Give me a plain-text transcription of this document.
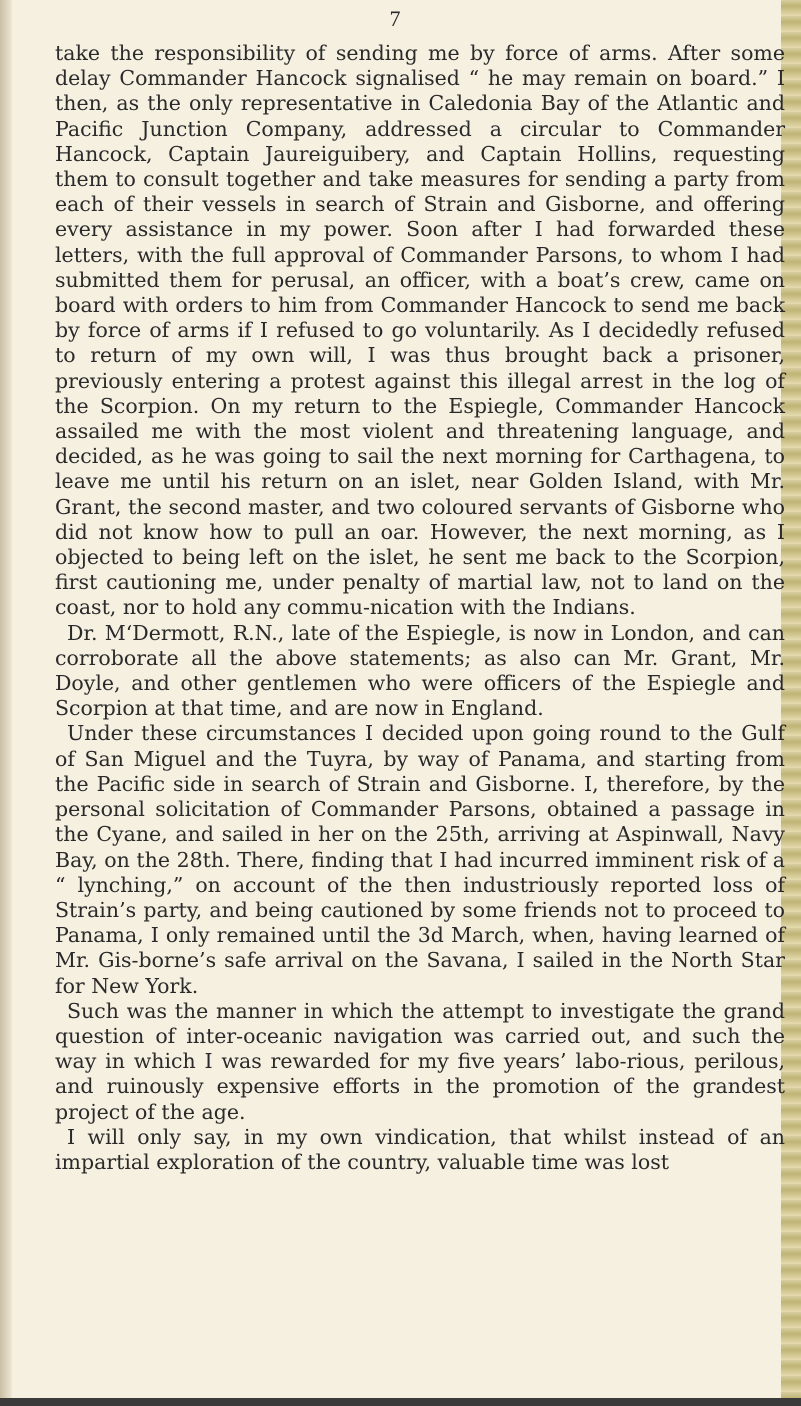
7

take the responsibility of sending me by force of arms. After some delay Commander Hancock signalised “ he may remain on board.” I then, as the only representative in Caledonia Bay of the Atlantic and Pacific Junction Company, addressed a circular to Commander Hancock, Captain Jaureiguibery, and Captain Hollins, requesting them to consult together and take measures for sending a party from each of their vessels in search of Strain and Gisborne, and offering every assistance in my power. Soon after I had forwarded these letters, with the full approval of Commander Parsons, to whom I had submitted them for perusal, an officer, with a boat’s crew, came on board with orders to him from Commander Hancock to send me back by force of arms if I refused to go voluntarily. As I decidedly refused to return of my own will, I was thus brought back a prisoner, previously entering a protest against this illegal arrest in the log of the Scorpion. On my return to the Espiegle, Commander Hancock assailed me with the most violent and threatening language, and decided, as he was going to sail the next morning for Carthagena, to leave me until his return on an islet, near Golden Island, with Mr. Grant, the second master, and two coloured servants of Gisborne who did not know how to pull an oar. However, the next morning, as I objected to being left on the islet, he sent me back to the Scorpion, first cautioning me, under penalty of martial law, not to land on the coast, nor to hold any commu-nication with the Indians.

Dr. M‘Dermott, R.N., late of the Espiegle, is now in London, and can corroborate all the above statements; as also can Mr. Grant, Mr. Doyle, and other gentlemen who were officers of the Espiegle and Scorpion at that time, and are now in England.

Under these circumstances I decided upon going round to the Gulf of San Miguel and the Tuyra, by way of Panama, and starting from the Pacific side in search of Strain and Gisborne. I, therefore, by the personal solicitation of Commander Parsons, obtained a passage in the Cyane, and sailed in her on the 25th, arriving at Aspinwall, Navy Bay, on the 28th. There, finding that I had incurred imminent risk of a “ lynching,” on account of the then industriously reported loss of Strain’s party, and being cautioned by some friends not to proceed to Panama, I only remained until the 3d March, when, having learned of Mr. Gis-borne’s safe arrival on the Savana, I sailed in the North Star for New York.

Such was the manner in which the attempt to investigate the grand question of inter-oceanic navigation was carried out, and such the way in which I was rewarded for my five years’ labo-rious, perilous, and ruinously expensive efforts in the promotion of the grandest project of the age.

I will only say, in my own vindication, that whilst instead of an impartial exploration of the country, valuable time was lost
